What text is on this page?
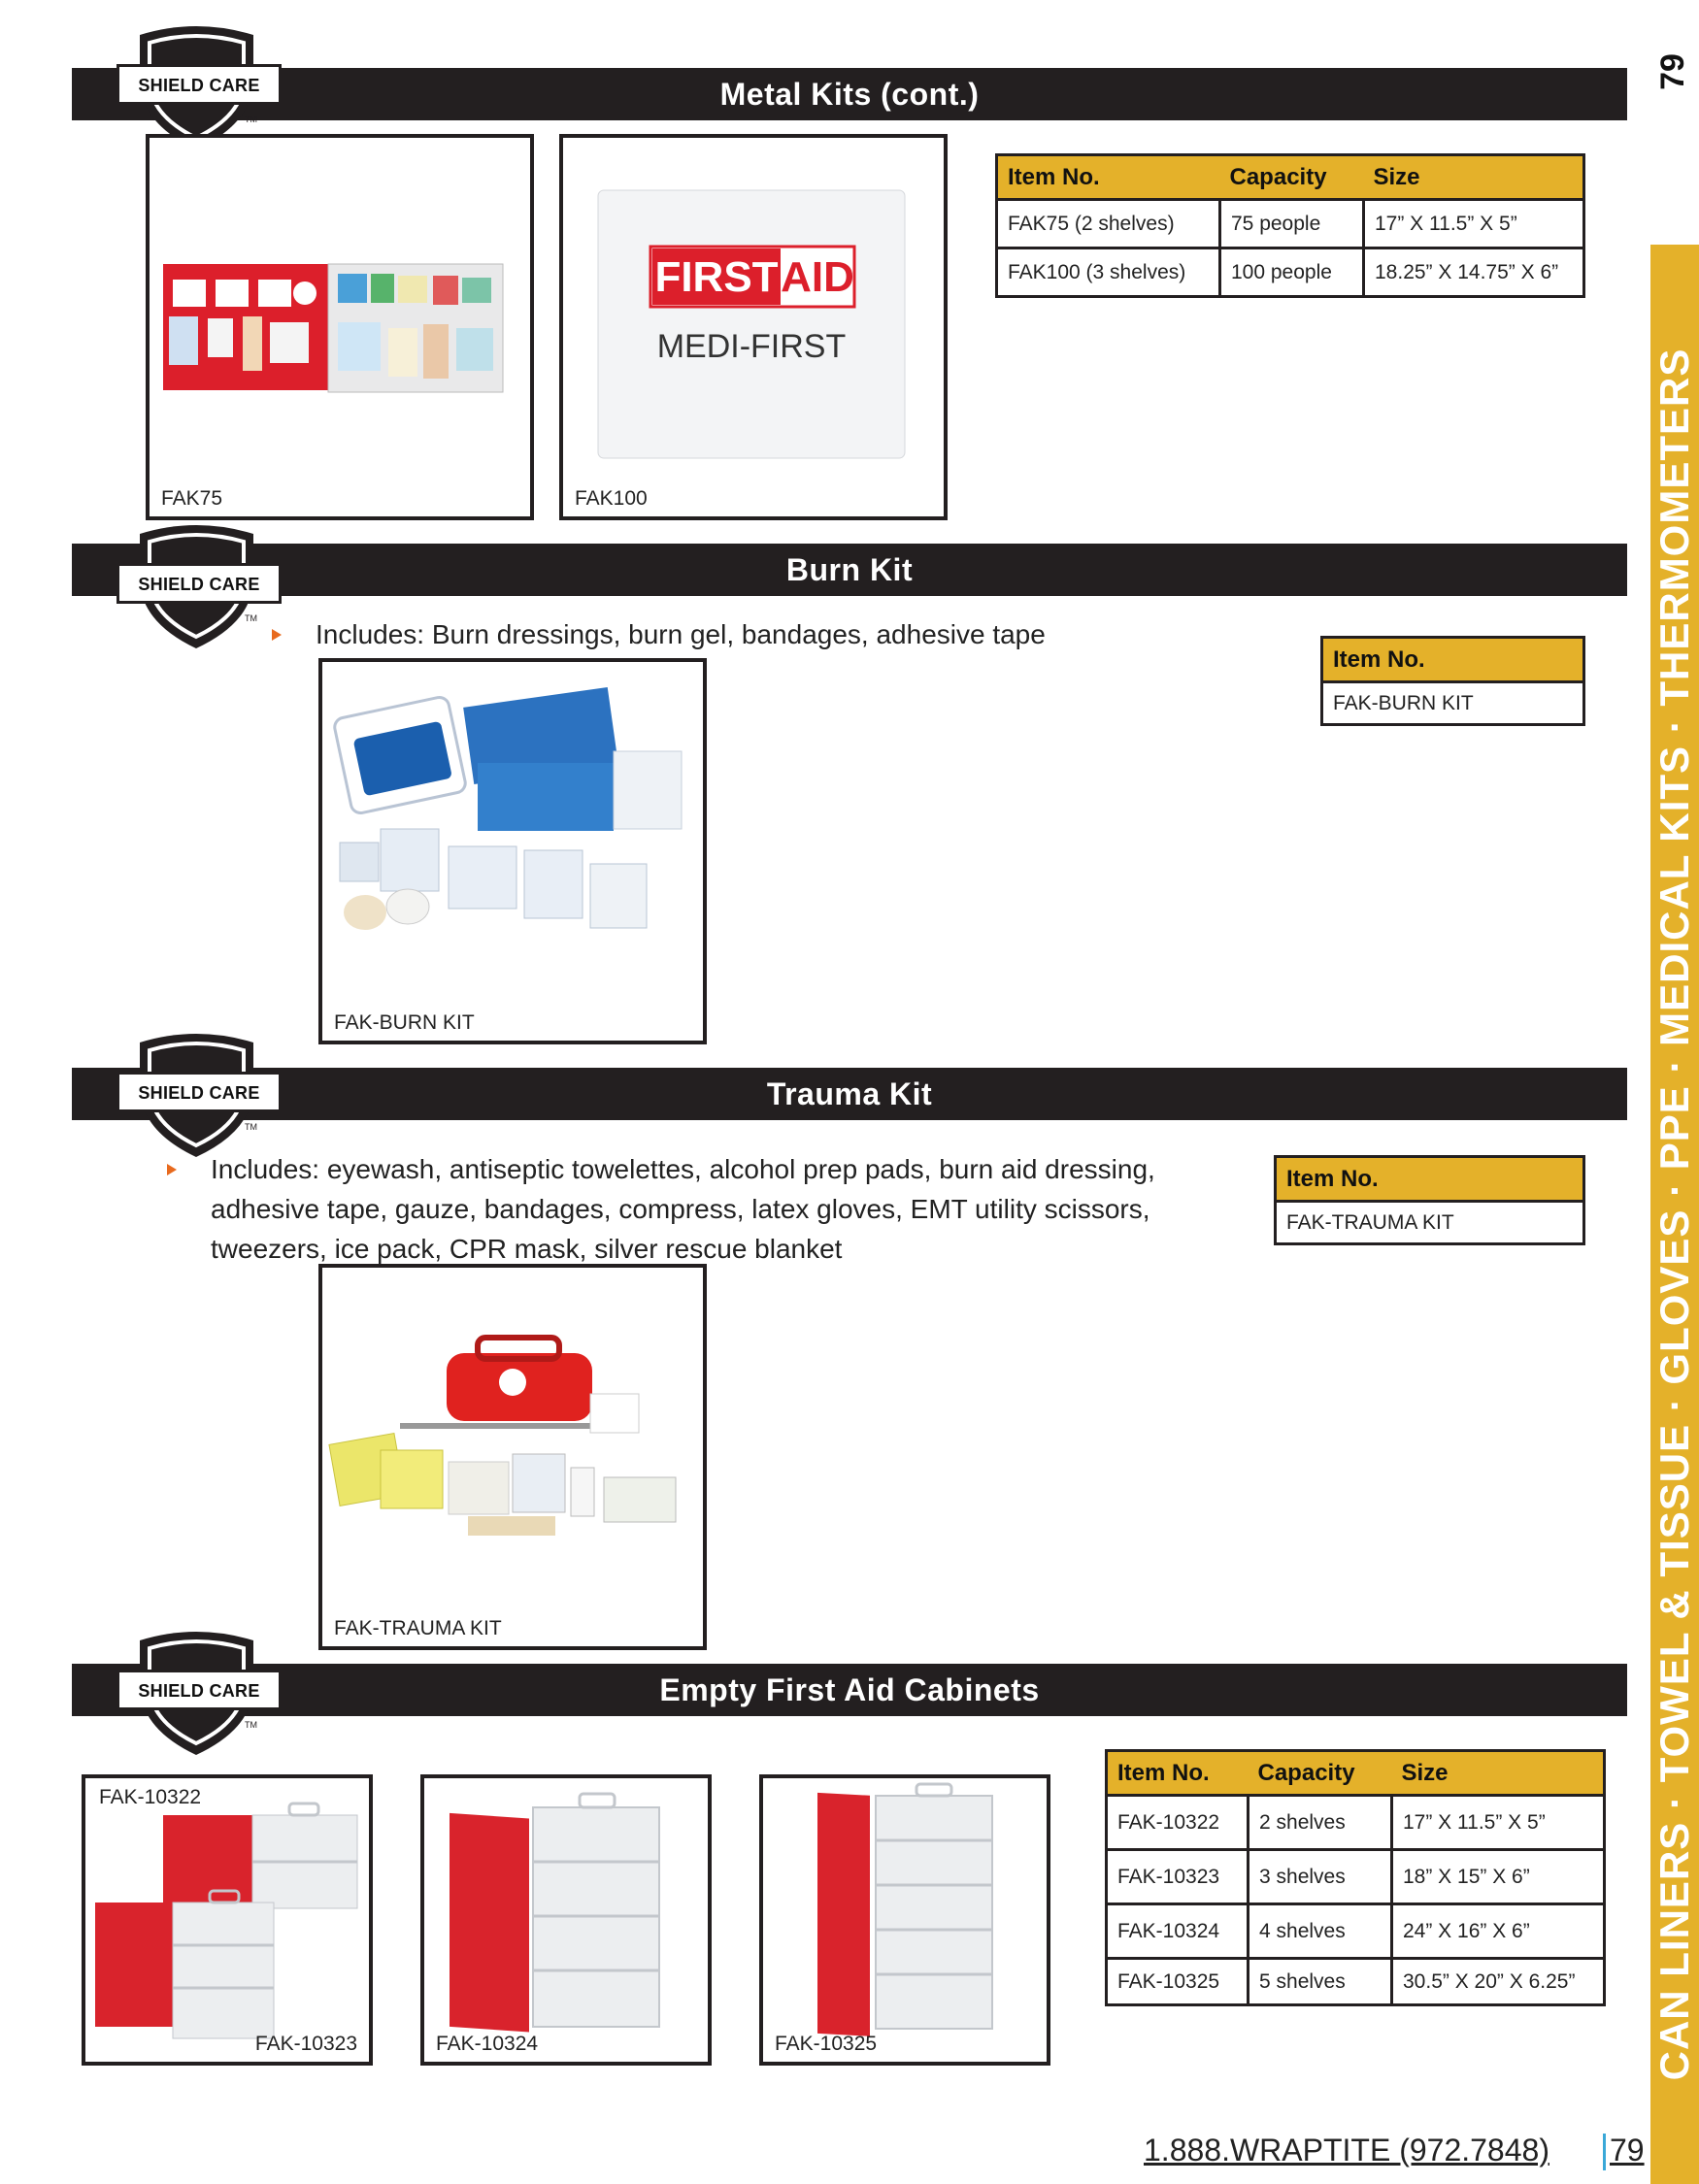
79
CAN LINERS · TOWEL & TISSUE · GLOVES · PPE · MEDICAL KITS · THERMOMETERS
Metal Kits (cont.)
SHIELD CARE
TM
FAK75
FIRST AID
MEDI-FIRST
FAK100
Item No.	Capacity	Size
FAK75 (2 shelves)	75 people	17” X 11.5” X 5”
FAK100 (3 shelves)	100 people	18.25” X 14.75” X 6”
Burn Kit
SHIELD CARE
TM
Includes: Burn dressings, burn gel, bandages, adhesive tape
FAK-BURN KIT
Item No.
FAK-BURN KIT
Trauma Kit
SHIELD CARE
TM
Includes: eyewash, antiseptic towelettes, alcohol prep pads, burn aid dressing,
adhesive tape, gauze, bandages, compress, latex gloves, EMT utility scissors,
tweezers, ice pack, CPR mask, silver rescue blanket
FAK-TRAUMA KIT
Item No.
FAK-TRAUMA KIT
Empty First Aid Cabinets
SHIELD CARE
TM
FAK-10322
FAK-10323	FAK-10324	FAK-10325
Item No.	Capacity	Size
FAK-10322	2 shelves	17” X 11.5” X 5”
FAK-10323	3 shelves	18” X 15” X 6”
FAK-10324	4 shelves	24” X 16” X 6”
FAK-10325	5 shelves	30.5” X 20” X 6.25”
1.888.WRAPTITE (972.7848) 79
